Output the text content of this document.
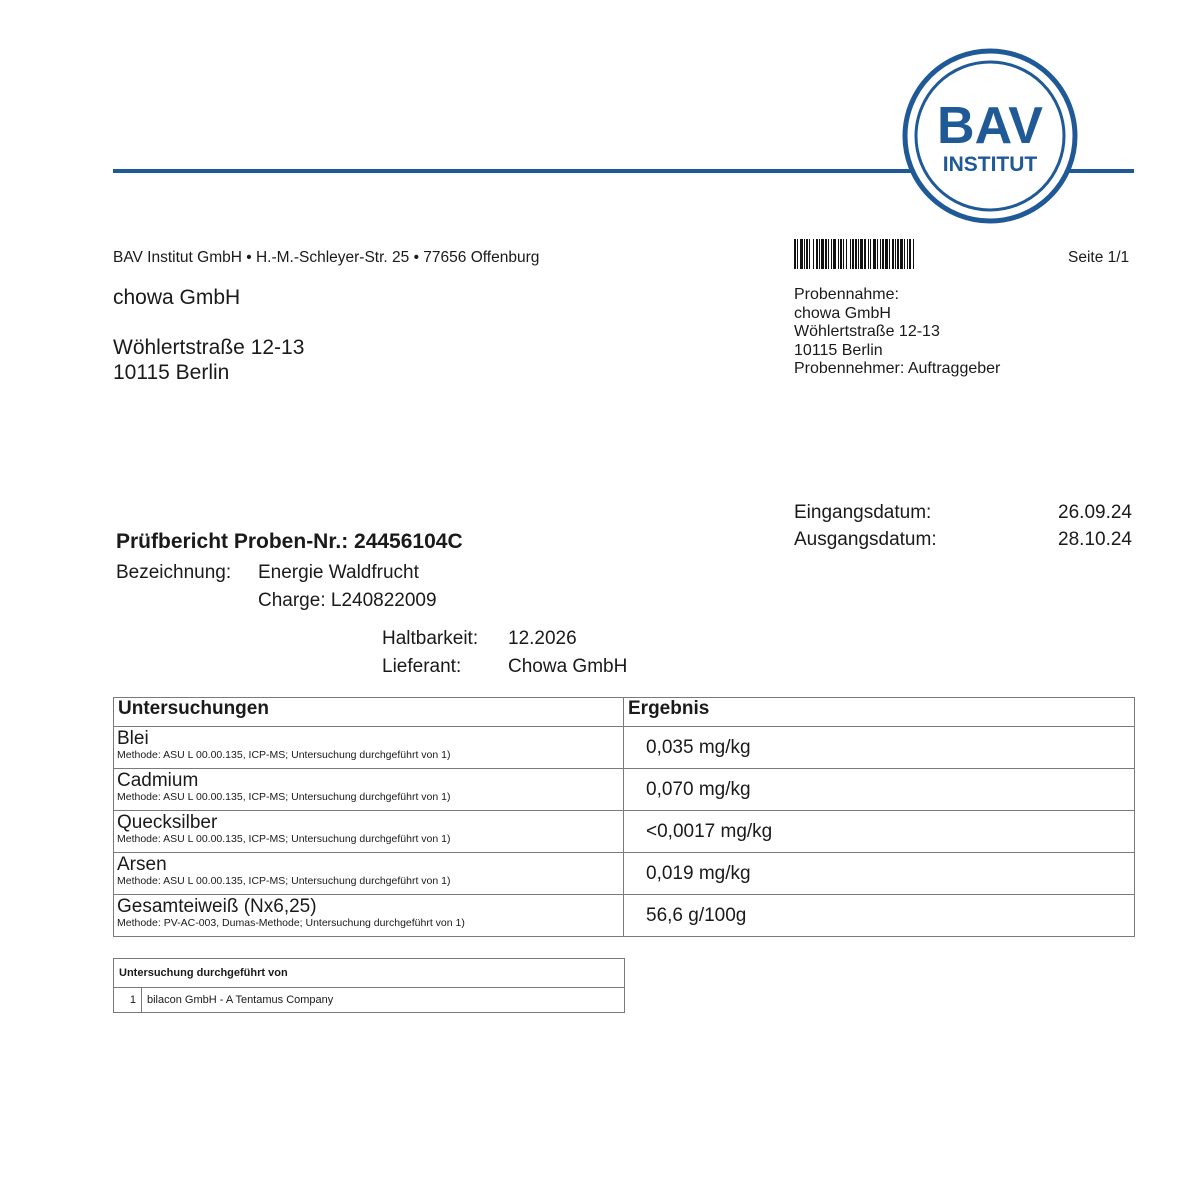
BAV
INSTITUT
BAV Institut GmbH • H.-M.-Schleyer-Str. 25 • 77656 Offenburg	Seite 1/1
chowa GmbH
Wöhlertstraße 12-13
10115 Berlin
Probennahme:
chowa GmbH
Wöhlertstraße 12-13
10115 Berlin
Probennehmer: Auftraggeber
Eingangsdatum:	26.09.24
Ausgangsdatum:	28.10.24
Prüfbericht Proben-Nr.: 24456104C
Bezeichnung: Energie Waldfrucht
Charge: L240822009
Haltbarkeit: 12.2026
Lieferant: Chowa GmbH
Untersuchungen	Ergebnis

Blei
Methode: ASU L 00.00.135, ICP-MS; Untersuchung durchgeführt von 1)	0,035 mg/kg

Cadmium
Methode: ASU L 00.00.135, ICP-MS; Untersuchung durchgeführt von 1)	0,070 mg/kg

Quecksilber
Methode: ASU L 00.00.135, ICP-MS; Untersuchung durchgeführt von 1)	<0,0017 mg/kg

Arsen
Methode: ASU L 00.00.135, ICP-MS; Untersuchung durchgeführt von 1)	0,019 mg/kg

Gesamteiweiß (Nx6,25)
Methode: PV-AC-003, Dumas-Methode; Untersuchung durchgeführt von 1)	56,6 g/100g
Untersuchung durchgeführt von
1	bilacon GmbH - A Tentamus Company
